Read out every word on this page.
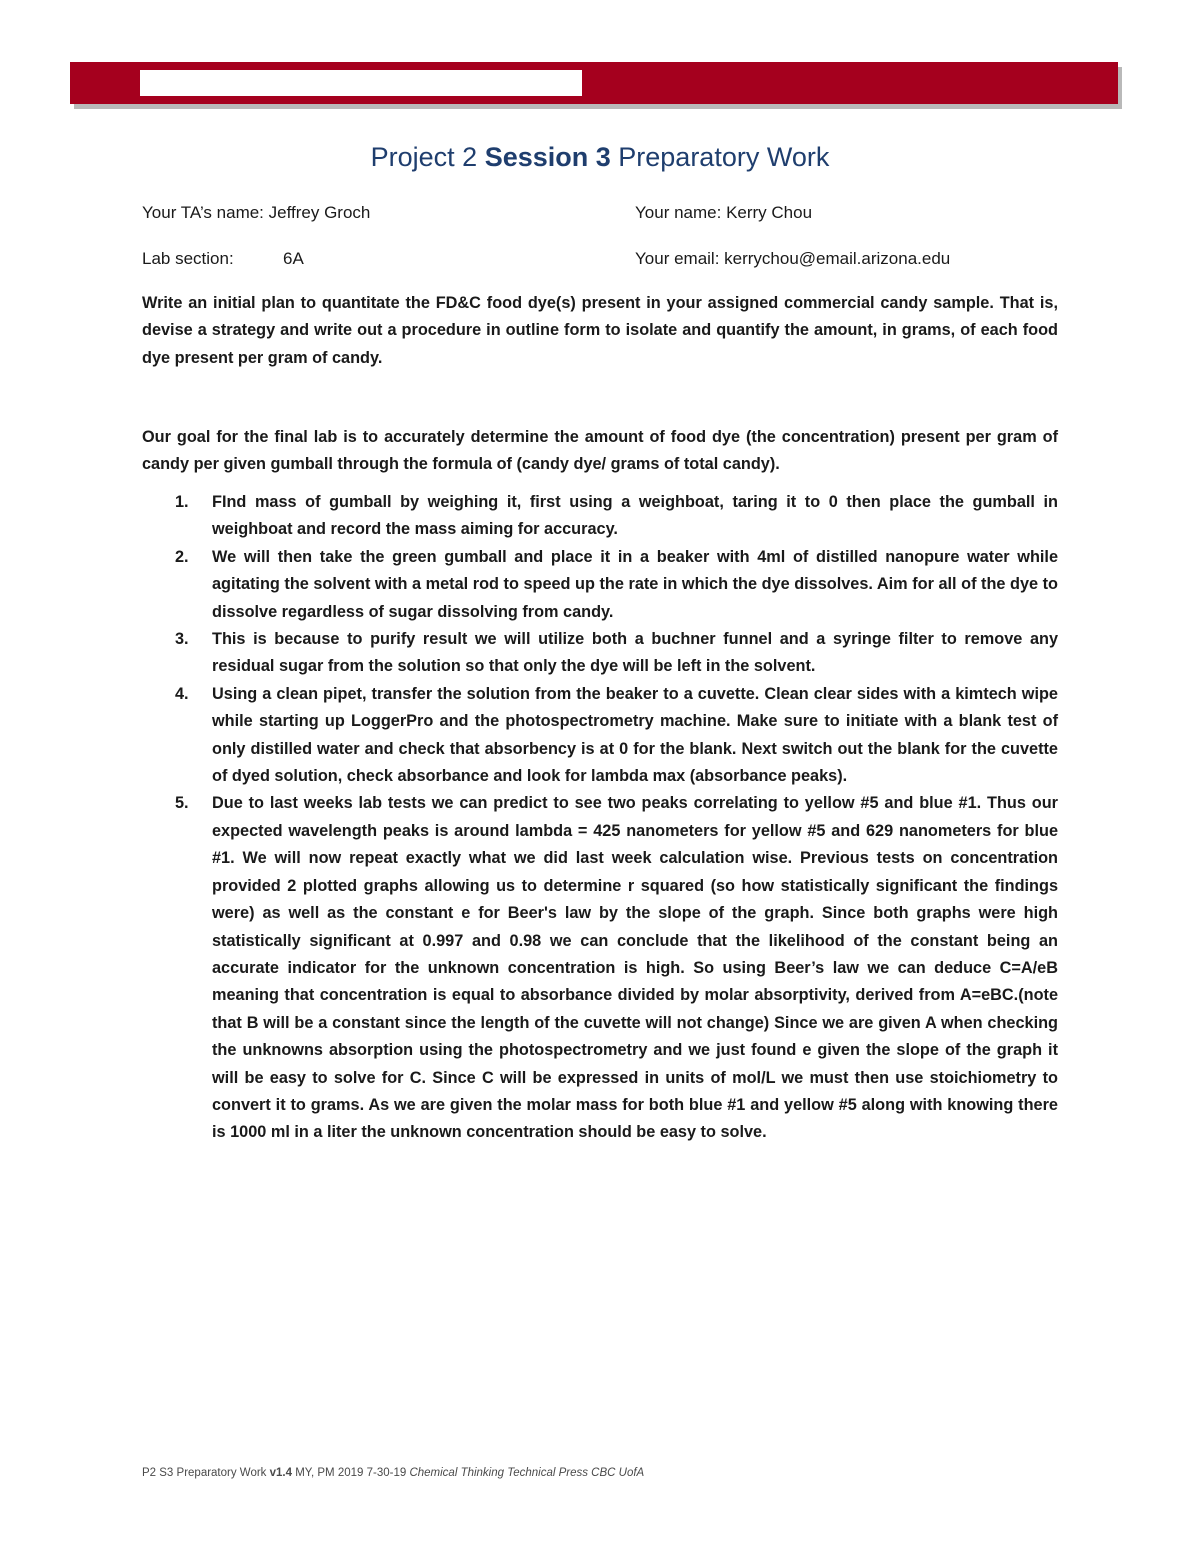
Project 2 Session 3 Preparatory Work
Your TA’s name: Jeffrey Groch	Your name: Kerry Chou
Lab section:	6A	Your email: kerrychou@email.arizona.edu
Write an initial plan to quantitate the FD&C food dye(s) present in your assigned commercial candy sample. That is, devise a strategy and write out a procedure in outline form to isolate and quantify the amount, in grams, of each food dye present per gram of candy.
Our goal for the final lab is to accurately determine the amount of food dye (the concentration) present per gram of candy per given gumball through the formula of (candy dye/ grams of total candy).
1. FInd mass of gumball by weighing it, first using a weighboat, taring it to 0 then place the gumball in weighboat and record the mass aiming for accuracy.
2. We will then take the green gumball and place it in a beaker with 4ml of distilled nanopure water while agitating the solvent with a metal rod to speed up the rate in which the dye dissolves. Aim for all of the dye to dissolve regardless of sugar dissolving from candy.
3. This is because to purify result we will utilize both a buchner funnel and a syringe filter to remove any residual sugar from the solution so that only the dye will be left in the solvent.
4. Using a clean pipet, transfer the solution from the beaker to a cuvette. Clean clear sides with a kimtech wipe while starting up LoggerPro and the photospectrometry machine. Make sure to initiate with a blank test of only distilled water and check that absorbency is at 0 for the blank. Next switch out the blank for the cuvette of dyed solution, check absorbance and look for lambda max (absorbance peaks).
5. Due to last weeks lab tests we can predict to see two peaks correlating to yellow #5 and blue #1. Thus our expected wavelength peaks is around lambda = 425 nanometers for yellow #5 and 629 nanometers for blue #1. We will now repeat exactly what we did last week calculation wise. Previous tests on concentration provided 2 plotted graphs allowing us to determine r squared (so how statistically significant the findings were) as well as the constant e for Beer's law by the slope of the graph. Since both graphs were high statistically significant at 0.997 and 0.98 we can conclude that the likelihood of the constant being an accurate indicator for the unknown concentration is high. So using Beer’s law we can deduce C=A/eB meaning that concentration is equal to absorbance divided by molar absorptivity, derived from A=eBC.(note that B will be a constant since the length of the cuvette will not change) Since we are given A when checking the unknowns absorption using the photospectrometry and we just found e given the slope of the graph it will be easy to solve for C. Since C will be expressed in units of mol/L we must then use stoichiometry to convert it to grams. As we are given the molar mass for both blue #1 and yellow #5 along with knowing there is 1000 ml in a liter the unknown concentration should be easy to solve.
P2 S3 Preparatory Work v1.4 MY, PM 2019 7-30-19 Chemical Thinking Technical Press CBC UofA
